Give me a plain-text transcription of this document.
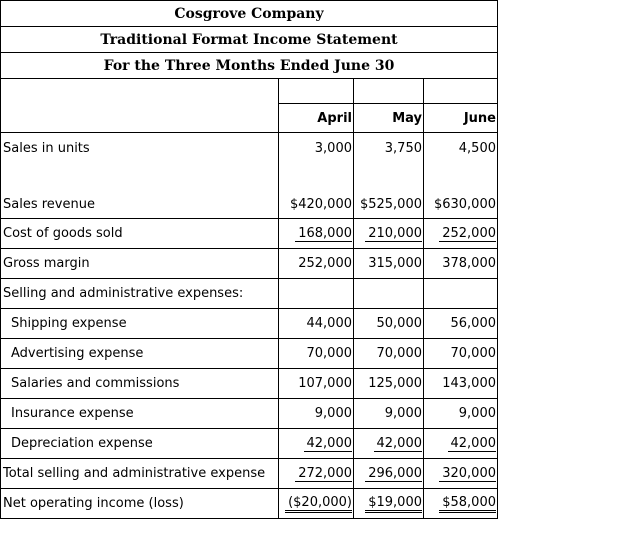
Cosgrove Company			
Traditional Format Income Statement			
For the Three Months Ended June 30			

	April	May	June
Sales in units	3,000	3,750	4,500
Sales revenue	$420,000	$525,000	$630,000
Cost of goods sold	168,000	210,000	252,000
Gross margin	252,000	315,000	378,000
Selling and administrative expenses:			
Shipping expense	44,000	50,000	56,000
Advertising expense	70,000	70,000	70,000
Salaries and commissions	107,000	125,000	143,000
Insurance expense	9,000	9,000	9,000
Depreciation expense	42,000	42,000	42,000
Total selling and administrative expense	272,000	296,000	320,000
Net operating income (loss)	($20,000)	$19,000	$58,000
